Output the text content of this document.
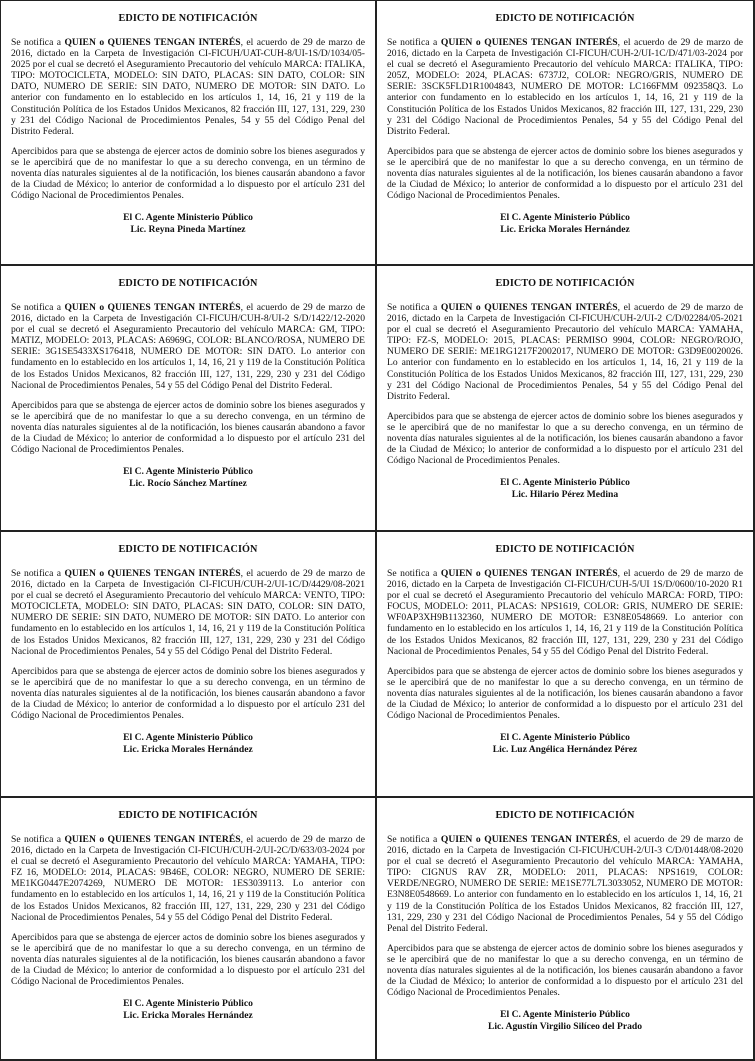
EDICTO DE NOTIFICACIÓN

Se notifica a QUIEN o QUIENES TENGAN INTERÉS, el acuerdo de 29 de marzo de 2016, dictado en la Carpeta de Investigación CI-FICUH/UAT-CUH-8/UI-1S/D/1034/05-2025 por el cual se decretó el Aseguramiento Precautorio del vehículo MARCA: ITALIKA, TIPO: MOTOCICLETA, MODELO: SIN DATO, PLACAS: SIN DATO, COLOR: SIN DATO, NUMERO DE SERIE: SIN DATO, NUMERO DE MOTOR: SIN DATO. Lo anterior con fundamento en lo establecido en los artículos 1, 14, 16, 21 y 119 de la Constitución Política de los Estados Unidos Mexicanos, 82 fracción III, 127, 131, 229, 230 y 231 del Código Nacional de Procedimientos Penales, 54 y 55 del Código Penal del Distrito Federal.

Apercibidos para que se abstenga de ejercer actos de dominio sobre los bienes asegurados y se le apercibirá que de no manifestar lo que a su derecho convenga, en un término de noventa días naturales siguientes al de la notificación, los bienes causarán abandono a favor de la Ciudad de México; lo anterior de conformidad a lo dispuesto por el artículo 231 del Código Nacional de Procedimientos Penales.

El C. Agente Ministerio Público
Lic. Reyna Pineda Martínez
EDICTO DE NOTIFICACIÓN

Se notifica a QUIEN o QUIENES TENGAN INTERÉS, el acuerdo de 29 de marzo de 2016, dictado en la Carpeta de Investigación CI-FICUH/CUH-2/UI-1C/D/471/03-2024 por el cual se decretó el Aseguramiento Precautorio del vehículo MARCA: ITALIKA, TIPO: 205Z, MODELO: 2024, PLACAS: 6737J2, COLOR: NEGRO/GRIS, NUMERO DE SERIE: 3SCK5FLD1R1004843, NUMERO DE MOTOR: LC166FMM 092358Q3. Lo anterior con fundamento en lo establecido en los artículos 1, 14, 16, 21 y 119 de la Constitución Política de los Estados Unidos Mexicanos, 82 fracción III, 127, 131, 229, 230 y 231 del Código Nacional de Procedimientos Penales, 54 y 55 del Código Penal del Distrito Federal.

Apercibidos para que se abstenga de ejercer actos de dominio sobre los bienes asegurados y se le apercibirá que de no manifestar lo que a su derecho convenga, en un término de noventa días naturales siguientes al de la notificación, los bienes causarán abandono a favor de la Ciudad de México; lo anterior de conformidad a lo dispuesto por el artículo 231 del Código Nacional de Procedimientos Penales.

El C. Agente Ministerio Público
Lic. Ericka Morales Hernández
EDICTO DE NOTIFICACIÓN

Se notifica a QUIEN o QUIENES TENGAN INTERÉS, el acuerdo de 29 de marzo de 2016, dictado en la Carpeta de Investigación CI-FICUH/CUH-8/UI-2 S/D/1422/12-2020 por el cual se decretó el Aseguramiento Precautorio del vehículo MARCA: GM, TIPO: MATIZ, MODELO: 2013, PLACAS: A6969G, COLOR: BLANCO/ROSA, NUMERO DE SERIE: 3G1SE5433XS176418, NUMERO DE MOTOR: SIN DATO. Lo anterior con fundamento en lo establecido en los artículos 1, 14, 16, 21 y 119 de la Constitución Política de los Estados Unidos Mexicanos, 82 fracción III, 127, 131, 229, 230 y 231 del Código Nacional de Procedimientos Penales, 54 y 55 del Código Penal del Distrito Federal.

Apercibidos para que se abstenga de ejercer actos de dominio sobre los bienes asegurados y se le apercibirá que de no manifestar lo que a su derecho convenga, en un término de noventa días naturales siguientes al de la notificación, los bienes causarán abandono a favor de la Ciudad de México; lo anterior de conformidad a lo dispuesto por el artículo 231 del Código Nacional de Procedimientos Penales.

El C. Agente Ministerio Público
Lic. Rocío Sánchez Martínez
EDICTO DE NOTIFICACIÓN

Se notifica a QUIEN o QUIENES TENGAN INTERÉS, el acuerdo de 29 de marzo de 2016, dictado en la Carpeta de Investigación CI-FICUH/CUH-2/UI-2 C/D/02284/05-2021 por el cual se decretó el Aseguramiento Precautorio del vehículo MARCA: YAMAHA, TIPO: FZ-S, MODELO: 2015, PLACAS: PERMISO 9904, COLOR: NEGRO/ROJO, NUMERO DE SERIE: ME1RG1217F2002017, NUMERO DE MOTOR: G3D9E0020026. Lo anterior con fundamento en lo establecido en los artículos 1, 14, 16, 21 y 119 de la Constitución Política de los Estados Unidos Mexicanos, 82 fracción III, 127, 131, 229, 230 y 231 del Código Nacional de Procedimientos Penales, 54 y 55 del Código Penal del Distrito Federal.

Apercibidos para que se abstenga de ejercer actos de dominio sobre los bienes asegurados y se le apercibirá que de no manifestar lo que a su derecho convenga, en un término de noventa días naturales siguientes al de la notificación, los bienes causarán abandono a favor de la Ciudad de México; lo anterior de conformidad a lo dispuesto por el artículo 231 del Código Nacional de Procedimientos Penales.

El C. Agente Ministerio Público
Lic. Hilario Pérez Medina
EDICTO DE NOTIFICACIÓN

Se notifica a QUIEN o QUIENES TENGAN INTERÉS, el acuerdo de 29 de marzo de 2016, dictado en la Carpeta de Investigación CI-FICUH/CUH-2/UI-1C/D/4429/08-2021 por el cual se decretó el Aseguramiento Precautorio del vehículo MARCA: VENTO, TIPO: MOTOCICLETA, MODELO: SIN DATO, PLACAS: SIN DATO, COLOR: SIN DATO, NUMERO DE SERIE: SIN DATO, NUMERO DE MOTOR: SIN DATO. Lo anterior con fundamento en lo establecido en los artículos 1, 14, 16, 21 y 119 de la Constitución Política de los Estados Unidos Mexicanos, 82 fracción III, 127, 131, 229, 230 y 231 del Código Nacional de Procedimientos Penales, 54 y 55 del Código Penal del Distrito Federal.

Apercibidos para que se abstenga de ejercer actos de dominio sobre los bienes asegurados y se le apercibirá que de no manifestar lo que a su derecho convenga, en un término de noventa días naturales siguientes al de la notificación, los bienes causarán abandono a favor de la Ciudad de México; lo anterior de conformidad a lo dispuesto por el artículo 231 del Código Nacional de Procedimientos Penales.

El C. Agente Ministerio Público
Lic. Ericka Morales Hernández
EDICTO DE NOTIFICACIÓN

Se notifica a QUIEN o QUIENES TENGAN INTERÉS, el acuerdo de 29 de marzo de 2016, dictado en la Carpeta de Investigación CI-FICUH/CUH-5/UI 1S/D/0600/10-2020 R1 por el cual se decretó el Aseguramiento Precautorio del vehículo MARCA: FORD, TIPO: FOCUS, MODELO: 2011, PLACAS: NPS1619, COLOR: GRIS, NUMERO DE SERIE: WF0AP3XH9B1132360, NUMERO DE MOTOR: E3N8E0548669. Lo anterior con fundamento en lo establecido en los artículos 1, 14, 16, 21 y 119 de la Constitución Política de los Estados Unidos Mexicanos, 82 fracción III, 127, 131, 229, 230 y 231 del Código Nacional de Procedimientos Penales, 54 y 55 del Código Penal del Distrito Federal.

Apercibidos para que se abstenga de ejercer actos de dominio sobre los bienes asegurados y se le apercibirá que de no manifestar lo que a su derecho convenga, en un término de noventa días naturales siguientes al de la notificación, los bienes causarán abandono a favor de la Ciudad de México; lo anterior de conformidad a lo dispuesto por el artículo 231 del Código Nacional de Procedimientos Penales.

El C. Agente Ministerio Público
Lic. Luz Angélica Hernández Pérez
EDICTO DE NOTIFICACIÓN

Se notifica a QUIEN o QUIENES TENGAN INTERÉS, el acuerdo de 29 de marzo de 2016, dictado en la Carpeta de Investigación CI-FICUH/CUH-2/UI-2C/D/633/03-2024 por el cual se decretó el Aseguramiento Precautorio del vehículo MARCA: YAMAHA, TIPO: FZ 16, MODELO: 2014, PLACAS: 9B46E, COLOR: NEGRO, NUMERO DE SERIE: ME1KG0447E2074269, NUMERO DE MOTOR: 1ES3039113. Lo anterior con fundamento en lo establecido en los artículos 1, 14, 16, 21 y 119 de la Constitución Política de los Estados Unidos Mexicanos, 82 fracción III, 127, 131, 229, 230 y 231 del Código Nacional de Procedimientos Penales, 54 y 55 del Código Penal del Distrito Federal.

Apercibidos para que se abstenga de ejercer actos de dominio sobre los bienes asegurados y se le apercibirá que de no manifestar lo que a su derecho convenga, en un término de noventa días naturales siguientes al de la notificación, los bienes causarán abandono a favor de la Ciudad de México; lo anterior de conformidad a lo dispuesto por el artículo 231 del Código Nacional de Procedimientos Penales.

El C. Agente Ministerio Público
Lic. Ericka Morales Hernández
EDICTO DE NOTIFICACIÓN

Se notifica a QUIEN o QUIENES TENGAN INTERÉS, el acuerdo de 29 de marzo de 2016, dictado en la Carpeta de Investigación CI-FICUH/CUH-2/UI-3 C/D/01448/08-2020 por el cual se decretó el Aseguramiento Precautorio del vehículo MARCA: YAMAHA, TIPO: CIGNUS RAV ZR, MODELO: 2011, PLACAS: NPS1619, COLOR: VERDE/NEGRO, NUMERO DE SERIE: ME1SE77L7L3033052, NUMERO DE MOTOR: E3N8E0548669. Lo anterior con fundamento en lo establecido en los artículos 1, 14, 16, 21 y 119 de la Constitución Política de los Estados Unidos Mexicanos, 82 fracción III, 127, 131, 229, 230 y 231 del Código Nacional de Procedimientos Penales, 54 y 55 del Código Penal del Distrito Federal.

Apercibidos para que se abstenga de ejercer actos de dominio sobre los bienes asegurados y se le apercibirá que de no manifestar lo que a su derecho convenga, en un término de noventa días naturales siguientes al de la notificación, los bienes causarán abandono a favor de la Ciudad de México; lo anterior de conformidad a lo dispuesto por el artículo 231 del Código Nacional de Procedimientos Penales.

El C. Agente Ministerio Público
Lic. Agustín Virgilio Silíceo del Prado
